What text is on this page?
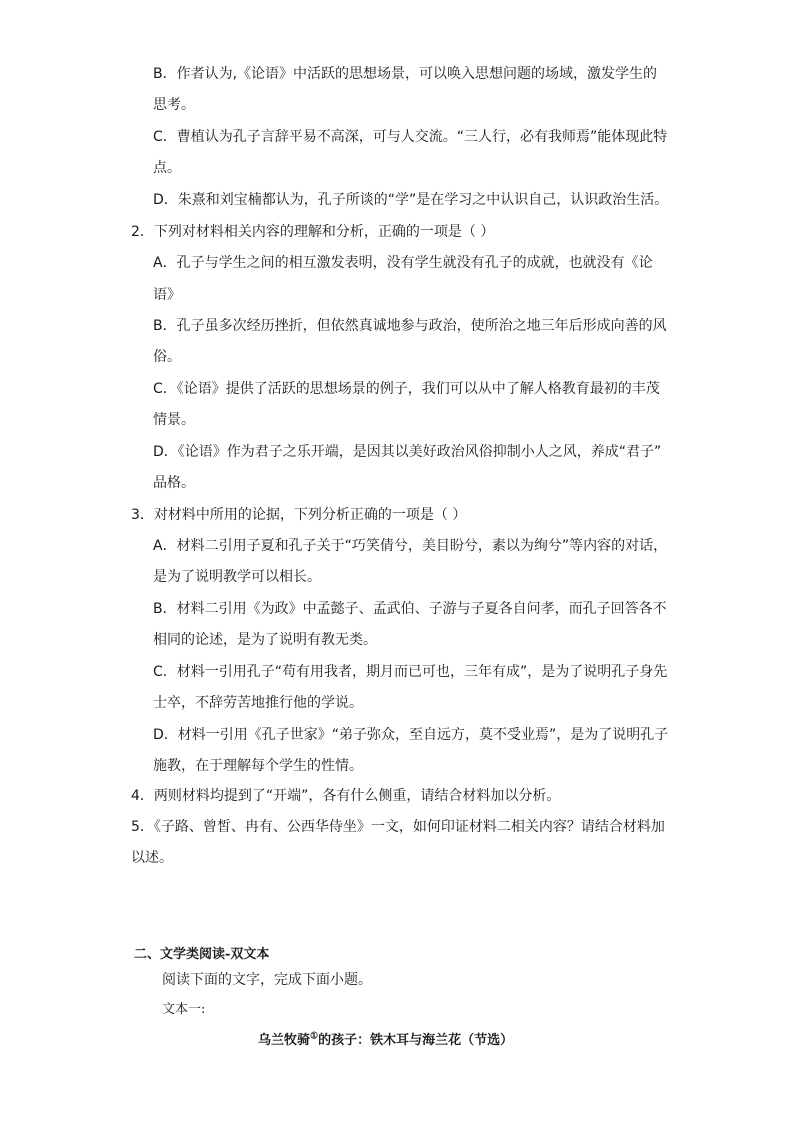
B．作者认为,《论语》中活跃的思想场景，可以唤入思想问题的场域，激发学生的
思考。
C．曹植认为孔子言辞平易不高深，可与人交流。“三人行，必有我师焉”能体现此特
点。
D．朱熹和刘宝楠都认为，孔子所谈的“学”是在学习之中认识自己，认识政治生活。
2．下列对材料相关内容的理解和分析，正确的一项是（ ）
A．孔子与学生之间的相互激发表明，没有学生就没有孔子的成就，也就没有《论
语》
B．孔子虽多次经历挫折，但依然真诚地参与政治，使所治之地三年后形成向善的风
俗。
C．《论语》提供了活跃的思想场景的例子，我们可以从中了解人格教育最初的丰茂
情景。
D．《论语》作为君子之乐开端，是因其以美好政治风俗抑制小人之风，养成“君子”
品格。
3．对材料中所用的论据，下列分析正确的一项是（ ）
A．材料二引用子夏和孔子关于“巧笑倩兮，美目盼兮，素以为绚兮”等内容的对话，
是为了说明教学可以相长。
B．材料二引用《为政》中孟懿子、孟武伯、子游与子夏各自问孝，而孔子回答各不
相同的论述，是为了说明有教无类。
C．材料一引用孔子“苟有用我者，期月而已可也，三年有成”，是为了说明孔子身先
士卒，不辞劳苦地推行他的学说。
D．材料一引用《孔子世家》“弟子弥众，至自远方，莫不受业焉”，是为了说明孔子
施教，在于理解每个学生的性情。
4．两则材料均提到了“开端”，各有什么侧重，请结合材料加以分析。
5．《子路、曾皙、冉有、公西华侍坐》一文，如何印证材料二相关内容？请结合材料加
以述。
二、文学类阅读-双文本
阅读下面的文字，完成下面小题。
文本一:
乌兰牧骑①的孩子：铁木耳与海兰花（节选）
